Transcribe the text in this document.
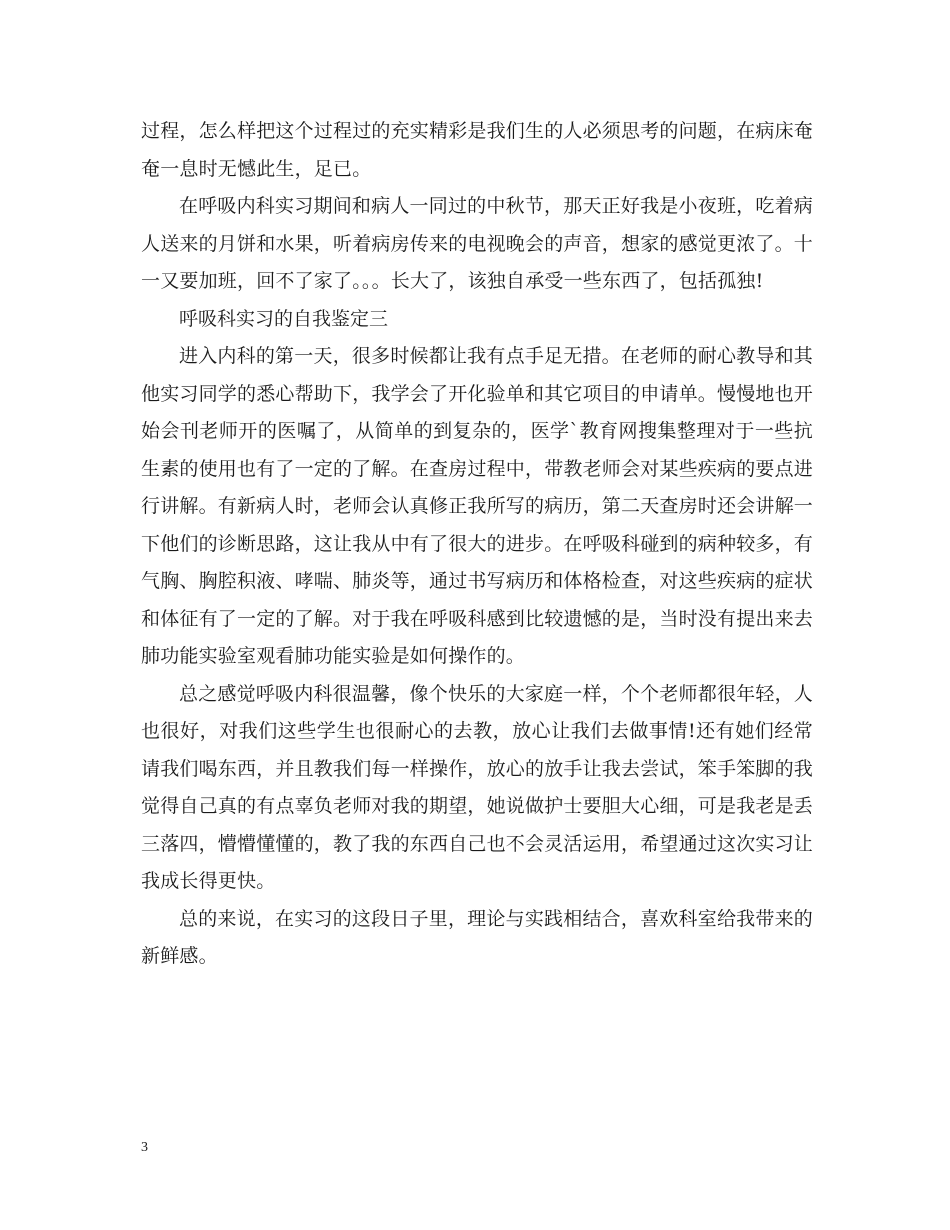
过程，怎么样把这个过程过的充实精彩是我们生的人必须思考的问题，在病床奄奄一息时无憾此生，足已。

在呼吸内科实习期间和病人一同过的中秋节，那天正好我是小夜班，吃着病人送来的月饼和水果，听着病房传来的电视晚会的声音，想家的感觉更浓了。十一又要加班，回不了家了。。。长大了，该独自承受一些东西了，包括孤独!

呼吸科实习的自我鉴定三

进入内科的第一天，很多时候都让我有点手足无措。在老师的耐心教导和其他实习同学的悉心帮助下，我学会了开化验单和其它项目的申请单。慢慢地也开始会刊老师开的医嘱了，从简单的到复杂的，医学`教育网搜集整理对于一些抗生素的使用也有了一定的了解。在查房过程中，带教老师会对某些疾病的要点进行讲解。有新病人时，老师会认真修正我所写的病历，第二天查房时还会讲解一下他们的诊断思路，这让我从中有了很大的进步。在呼吸科碰到的病种较多，有气胸、胸腔积液、哮喘、肺炎等，通过书写病历和体格检查，对这些疾病的症状和体征有了一定的了解。对于我在呼吸科感到比较遗憾的是，当时没有提出来去肺功能实验室观看肺功能实验是如何操作的。

总之感觉呼吸内科很温馨，像个快乐的大家庭一样，个个老师都很年轻，人也很好，对我们这些学生也很耐心的去教，放心让我们去做事情!还有她们经常请我们喝东西，并且教我们每一样操作，放心的放手让我去尝试，笨手笨脚的我觉得自己真的有点辜负老师对我的期望，她说做护士要胆大心细，可是我老是丢三落四，懵懵懂懂的，教了我的东西自己也不会灵活运用，希望通过这次实习让我成长得更快。

总的来说，在实习的这段日子里，理论与实践相结合，喜欢科室给我带来的新鲜感。

3
